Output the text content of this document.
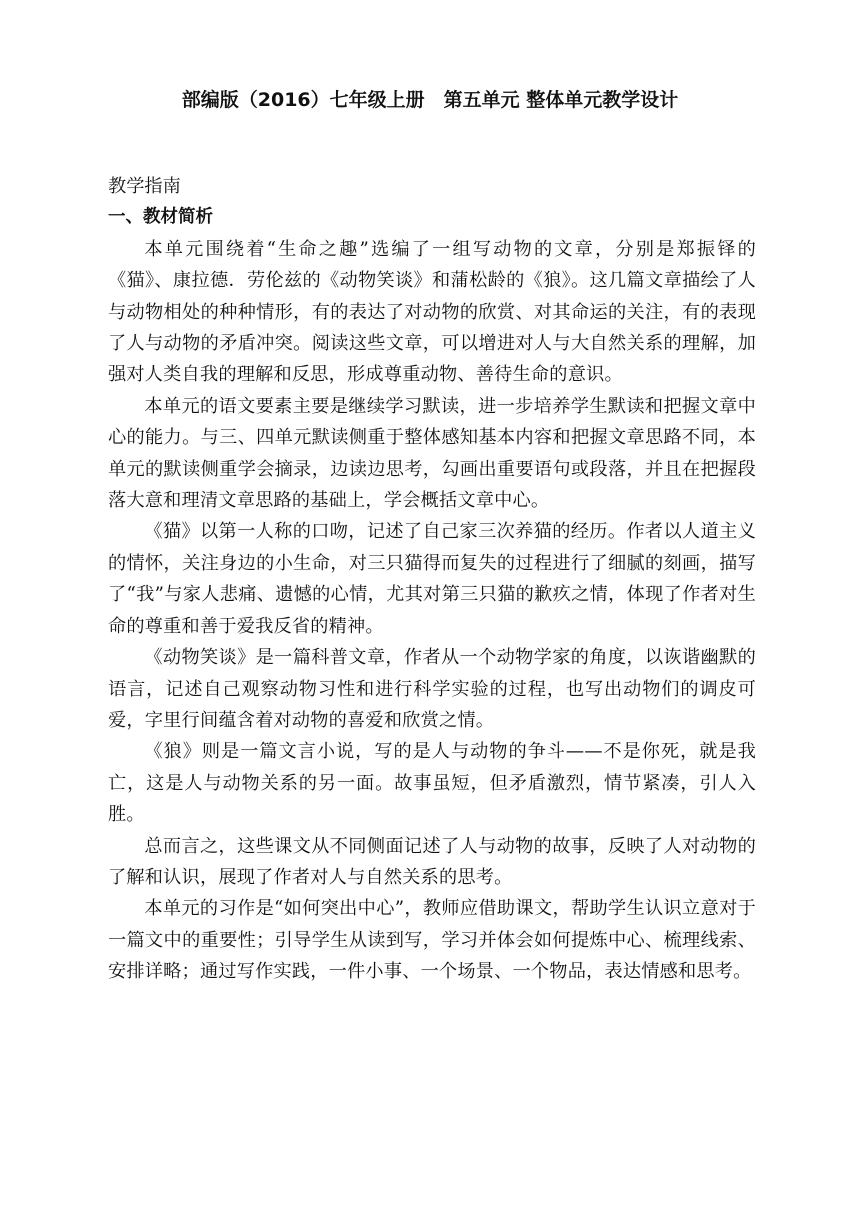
部编版（2016）七年级上册　第五单元 整体单元教学设计
教学指南
一、教材简析

本单元围绕着“生命之趣”选编了一组写动物的文章，分别是郑振铎的《猫》、康拉德．劳伦兹的《动物笑谈》和蒲松龄的《狼》。这几篇文章描绘了人与动物相处的种种情形，有的表达了对动物的欣赏、对其命运的关注，有的表现了人与动物的矛盾冲突。阅读这些文章，可以增进对人与大自然关系的理解，加强对人类自我的理解和反思，形成尊重动物、善待生命的意识。

本单元的语文要素主要是继续学习默读，进一步培养学生默读和把握文章中心的能力。与三、四单元默读侧重于整体感知基本内容和把握文章思路不同，本单元的默读侧重学会摘录，边读边思考，勾画出重要语句或段落，并且在把握段落大意和理清文章思路的基础上，学会概括文章中心。

《猫》以第一人称的口吻，记述了自己家三次养猫的经历。作者以人道主义的情怀，关注身边的小生命，对三只猫得而复失的过程进行了细腻的刻画，描写了“我”与家人悲痛、遗憾的心情，尤其对第三只猫的歉疚之情，体现了作者对生命的尊重和善于爱我反省的精神。

《动物笑谈》是一篇科普文章，作者从一个动物学家的角度，以诙谐幽默的语言，记述自己观察动物习性和进行科学实验的过程，也写出动物们的调皮可爱，字里行间蕴含着对动物的喜爱和欣赏之情。

《狼》则是一篇文言小说，写的是人与动物的争斗——不是你死，就是我亡，这是人与动物关系的另一面。故事虽短，但矛盾激烈，情节紧凑，引人入胜。

总而言之，这些课文从不同侧面记述了人与动物的故事，反映了人对动物的了解和认识，展现了作者对人与自然关系的思考。

本单元的习作是“如何突出中心”，教师应借助课文，帮助学生认识立意对于一篇文中的重要性；引导学生从读到写，学习并体会如何提炼中心、梳理线索、安排详略；通过写作实践，一件小事、一个场景、一个物品，表达情感和思考。
